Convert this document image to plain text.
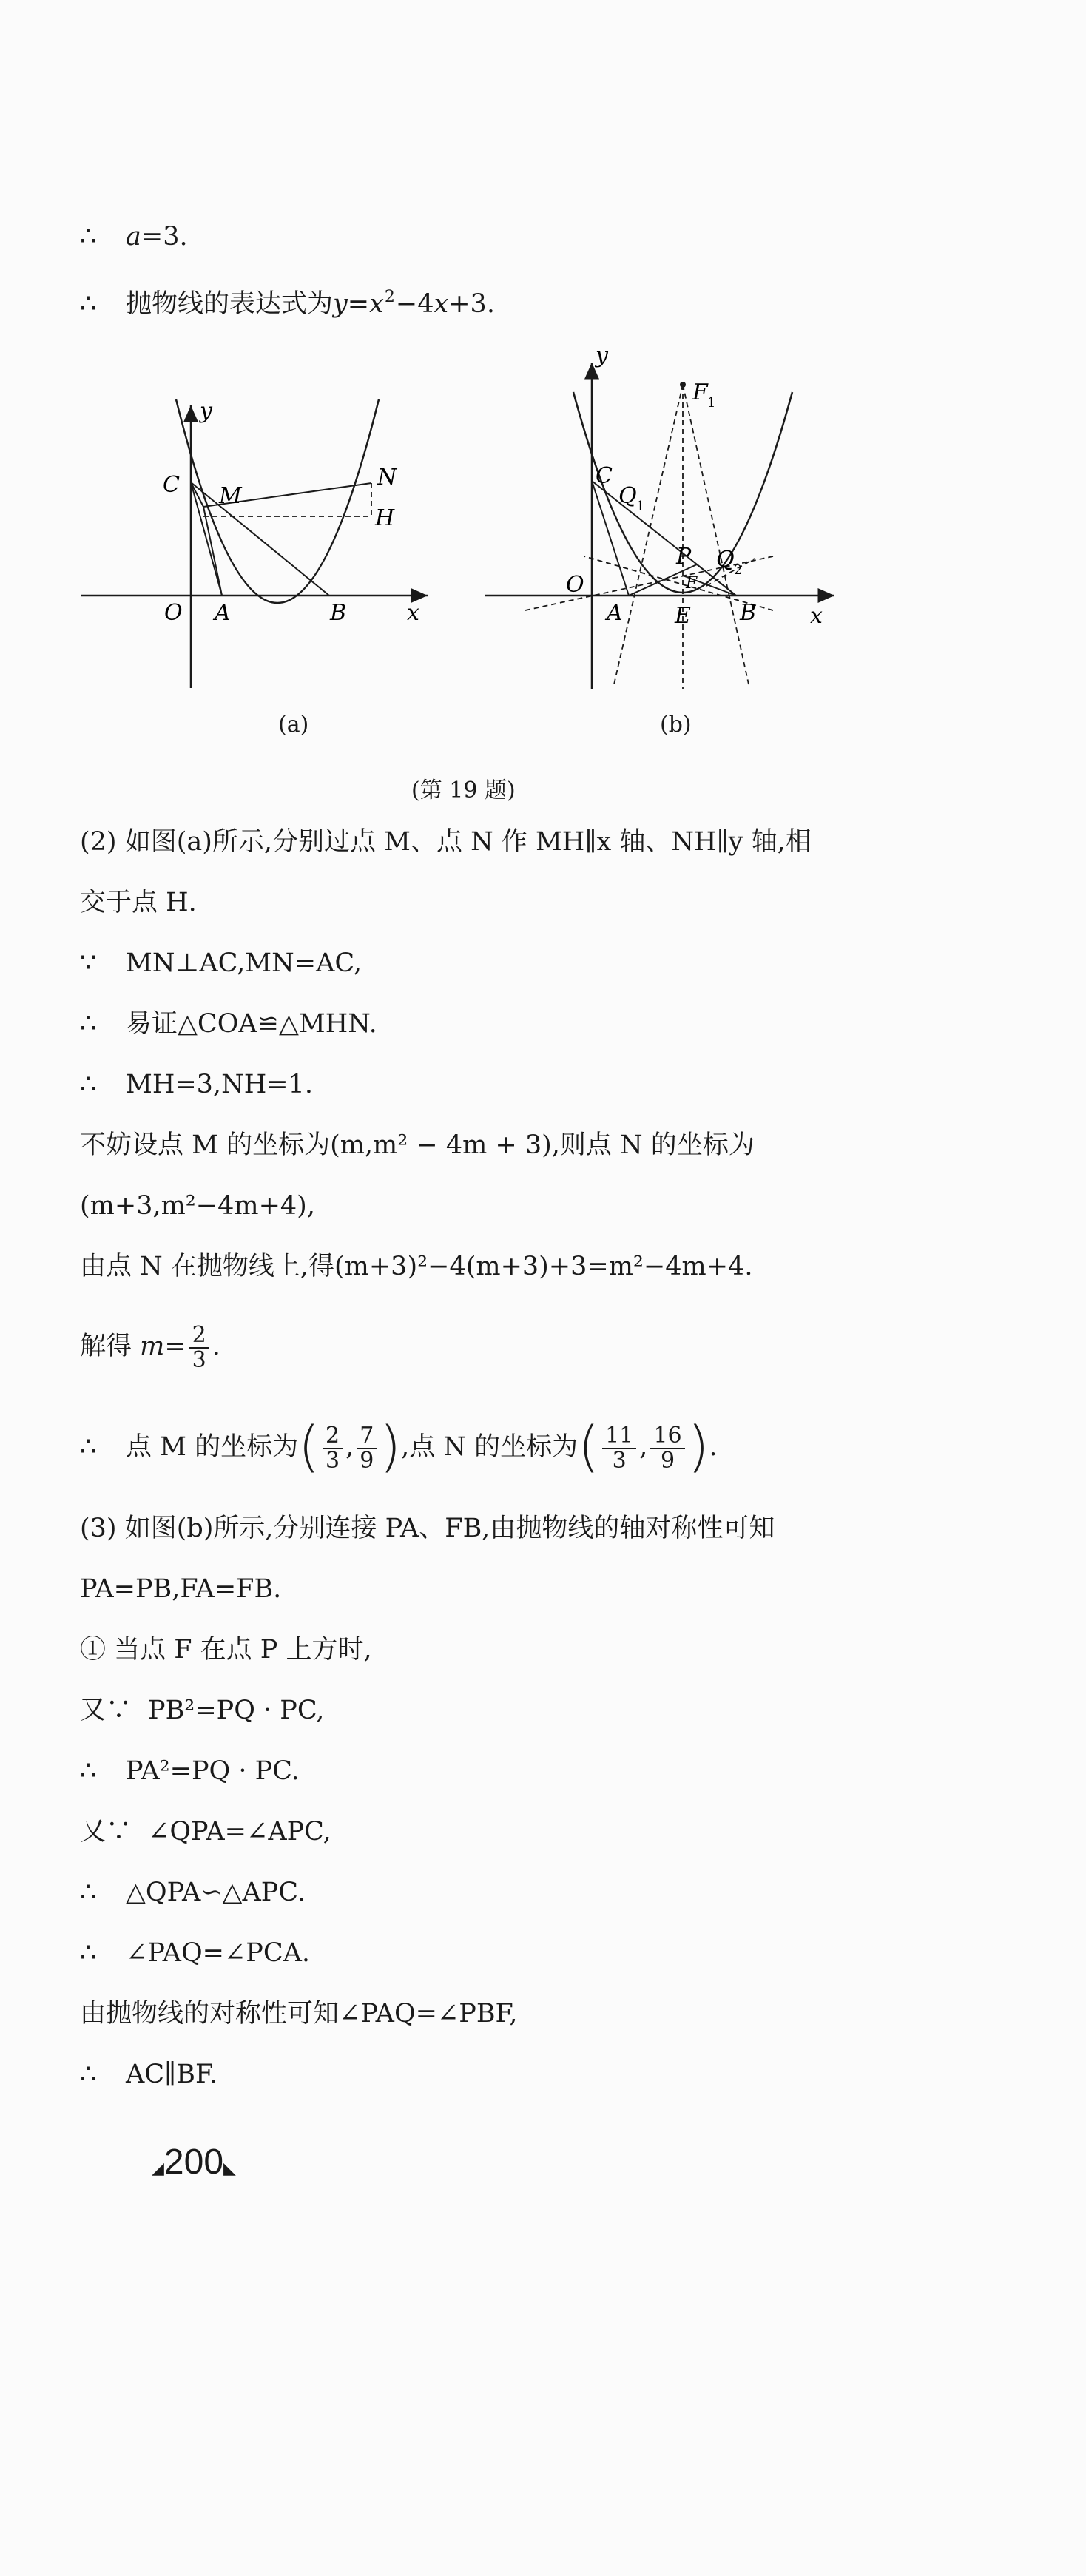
∴ a=3.
∴ 抛物线的表达式为$y=x^2-4x+3$.
y
x
O A	B
C M
N
H
(a)
y
x
O
A	B
E
C
F
F 1
P
Q 1
Q 2
(b)
(第 19 题)
(2) 如图(a)所示,分别过点 M、点 N 作 MH∥x 轴、NH∥y 轴,相
交于点 H.
∵ MN⊥AC,MN=AC,
∴ 易证△COA≌△MHN.
∴ MH=3,NH=1.
不妨设点 M 的坐标为(m,m² − 4m + 3),则点 N 的坐标为
(m+3,m²−4m+4),
由点 N 在抛物线上,得(m+3)²−4(m+3)+3=m²−4m+4.
解得 $m= \frac{2}{3}$ .
∴ 点 M 的坐标为( $\frac{2}{3}$ , $\frac{7}{9}$ ),点 N 的坐标为( $\frac{11}{3}$ , $\frac{16}{9}$ ).
(3) 如图(b)所示,分别连接 PA、FB,由抛物线的轴对称性可知
PA=PB,FA=FB.
① 当点 F 在点 P 上方时,
又∵ PB²=PQ · PC,
∴ PA²=PQ · PC.
又∵ ∠QPA=∠APC,
∴ △QPA∽△APC.
∴ ∠PAQ=∠PCA.
由抛物线的对称性可知∠PAQ=∠PBF,
∴ AC∥BF.
◢200◣
